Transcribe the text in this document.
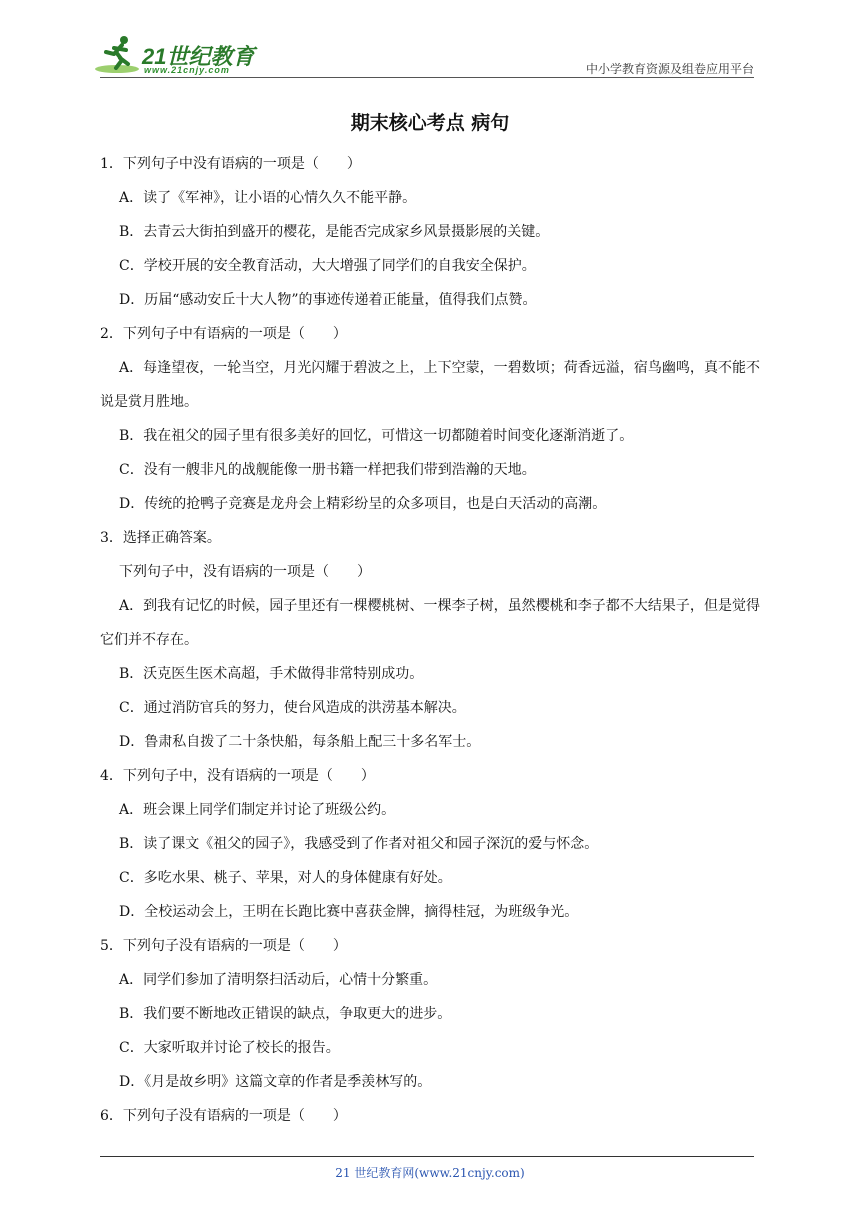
21世纪教育
www.21cnjy.com	中小学教育资源及组卷应用平台
期末核心考点 病句
1．下列句子中没有语病的一项是（　　）
A．读了《军神》，让小语的心情久久不能平静。
B．去青云大街拍到盛开的樱花，是能否完成家乡风景摄影展的关键。
C．学校开展的安全教育活动，大大增强了同学们的自我安全保护。
D．历届“感动安丘十大人物”的事迹传递着正能量，值得我们点赞。
2．下列句子中有语病的一项是（　　）
A．每逢望夜，一轮当空，月光闪耀于碧波之上，上下空蒙，一碧数顷；荷香远溢，宿鸟幽鸣，真不能不说是赏月胜地。
B．我在祖父的园子里有很多美好的回忆，可惜这一切都随着时间变化逐渐消逝了。
C．没有一艘非凡的战舰能像一册书籍一样把我们带到浩瀚的天地。
D．传统的抢鸭子竞赛是龙舟会上精彩纷呈的众多项目，也是白天活动的高潮。
3．选择正确答案。
下列句子中，没有语病的一项是（　　）
A．到我有记忆的时候，园子里还有一棵樱桃树、一棵李子树，虽然樱桃和李子都不大结果子，但是觉得它们并不存在。
B．沃克医生医术高超，手术做得非常特别成功。
C．通过消防官兵的努力，使台风造成的洪涝基本解决。
D．鲁肃私自拨了二十条快船，每条船上配三十多名军士。
4．下列句子中，没有语病的一项是（　　）
A．班会课上同学们制定并讨论了班级公约。
B．读了课文《祖父的园子》，我感受到了作者对祖父和园子深沉的爱与怀念。
C．多吃水果、桃子、苹果，对人的身体健康有好处。
D．全校运动会上，王明在长跑比赛中喜获金牌，摘得桂冠，为班级争光。
5．下列句子没有语病的一项是（　　）
A．同学们参加了清明祭扫活动后，心情十分繁重。
B．我们要不断地改正错误的缺点，争取更大的进步。
C．大家听取并讨论了校长的报告。
D．《月是故乡明》这篇文章的作者是季羡林写的。
6．下列句子没有语病的一项是（　　）
21 世纪教育网(www.21cnjy.com)
